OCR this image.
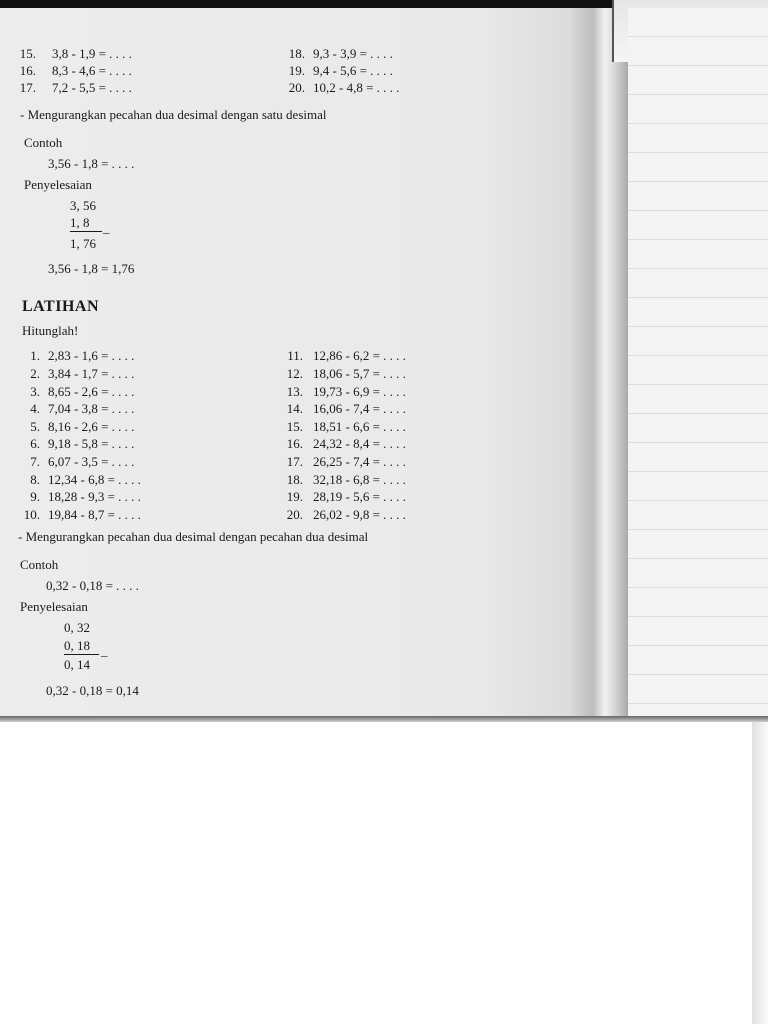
15. 3,8 - 1,9 = . . . .
16. 8,3 - 4,6 = . . . .
17. 7,2 - 5,5 = . . . .
18. 9,3 - 3,9 = . . . .
19. 9,4 - 5,6 = . . . .
20. 10,2 - 4,8 = . . . .
- Mengurangkan pecahan dua desimal dengan satu desimal
Contoh
3,56 - 1,8 = . . . .
Penyelesaian
3, 56
1, 8	_
1, 76
3,56 - 1,8 = 1,76
LATIHAN
Hitunglah!
1. 2,83 - 1,6 = . . . .
2. 3,84 - 1,7 = . . . .
3. 8,65 - 2,6 = . . . .
4. 7,04 - 3,8 = . . . .
5. 8,16 - 2,6 = . . . .
6. 9,18 - 5,8 = . . . .
7. 6,07 - 3,5 = . . . .
8. 12,34 - 6,8 = . . . .
9. 18,28 - 9,3 = . . . .
10. 19,84 - 8,7 = . . . .
11. 12,86 - 6,2 = . . . .
12. 18,06 - 5,7 = . . . .
13. 19,73 - 6,9 = . . . .
14. 16,06 - 7,4 = . . . .
15. 18,51 - 6,6 = . . . .
16. 24,32 - 8,4 = . . . .
17. 26,25 - 7,4 = . . . .
18. 32,18 - 6,8 = . . . .
19. 28,19 - 5,6 = . . . .
20. 26,02 - 9,8 = . . . .
- Mengurangkan pecahan dua desimal dengan pecahan dua desimal
Contoh
0,32 - 0,18 = . . . .
Penyelesaian
0, 32
0, 18 _
0, 14
0,32 - 0,18 = 0,14
